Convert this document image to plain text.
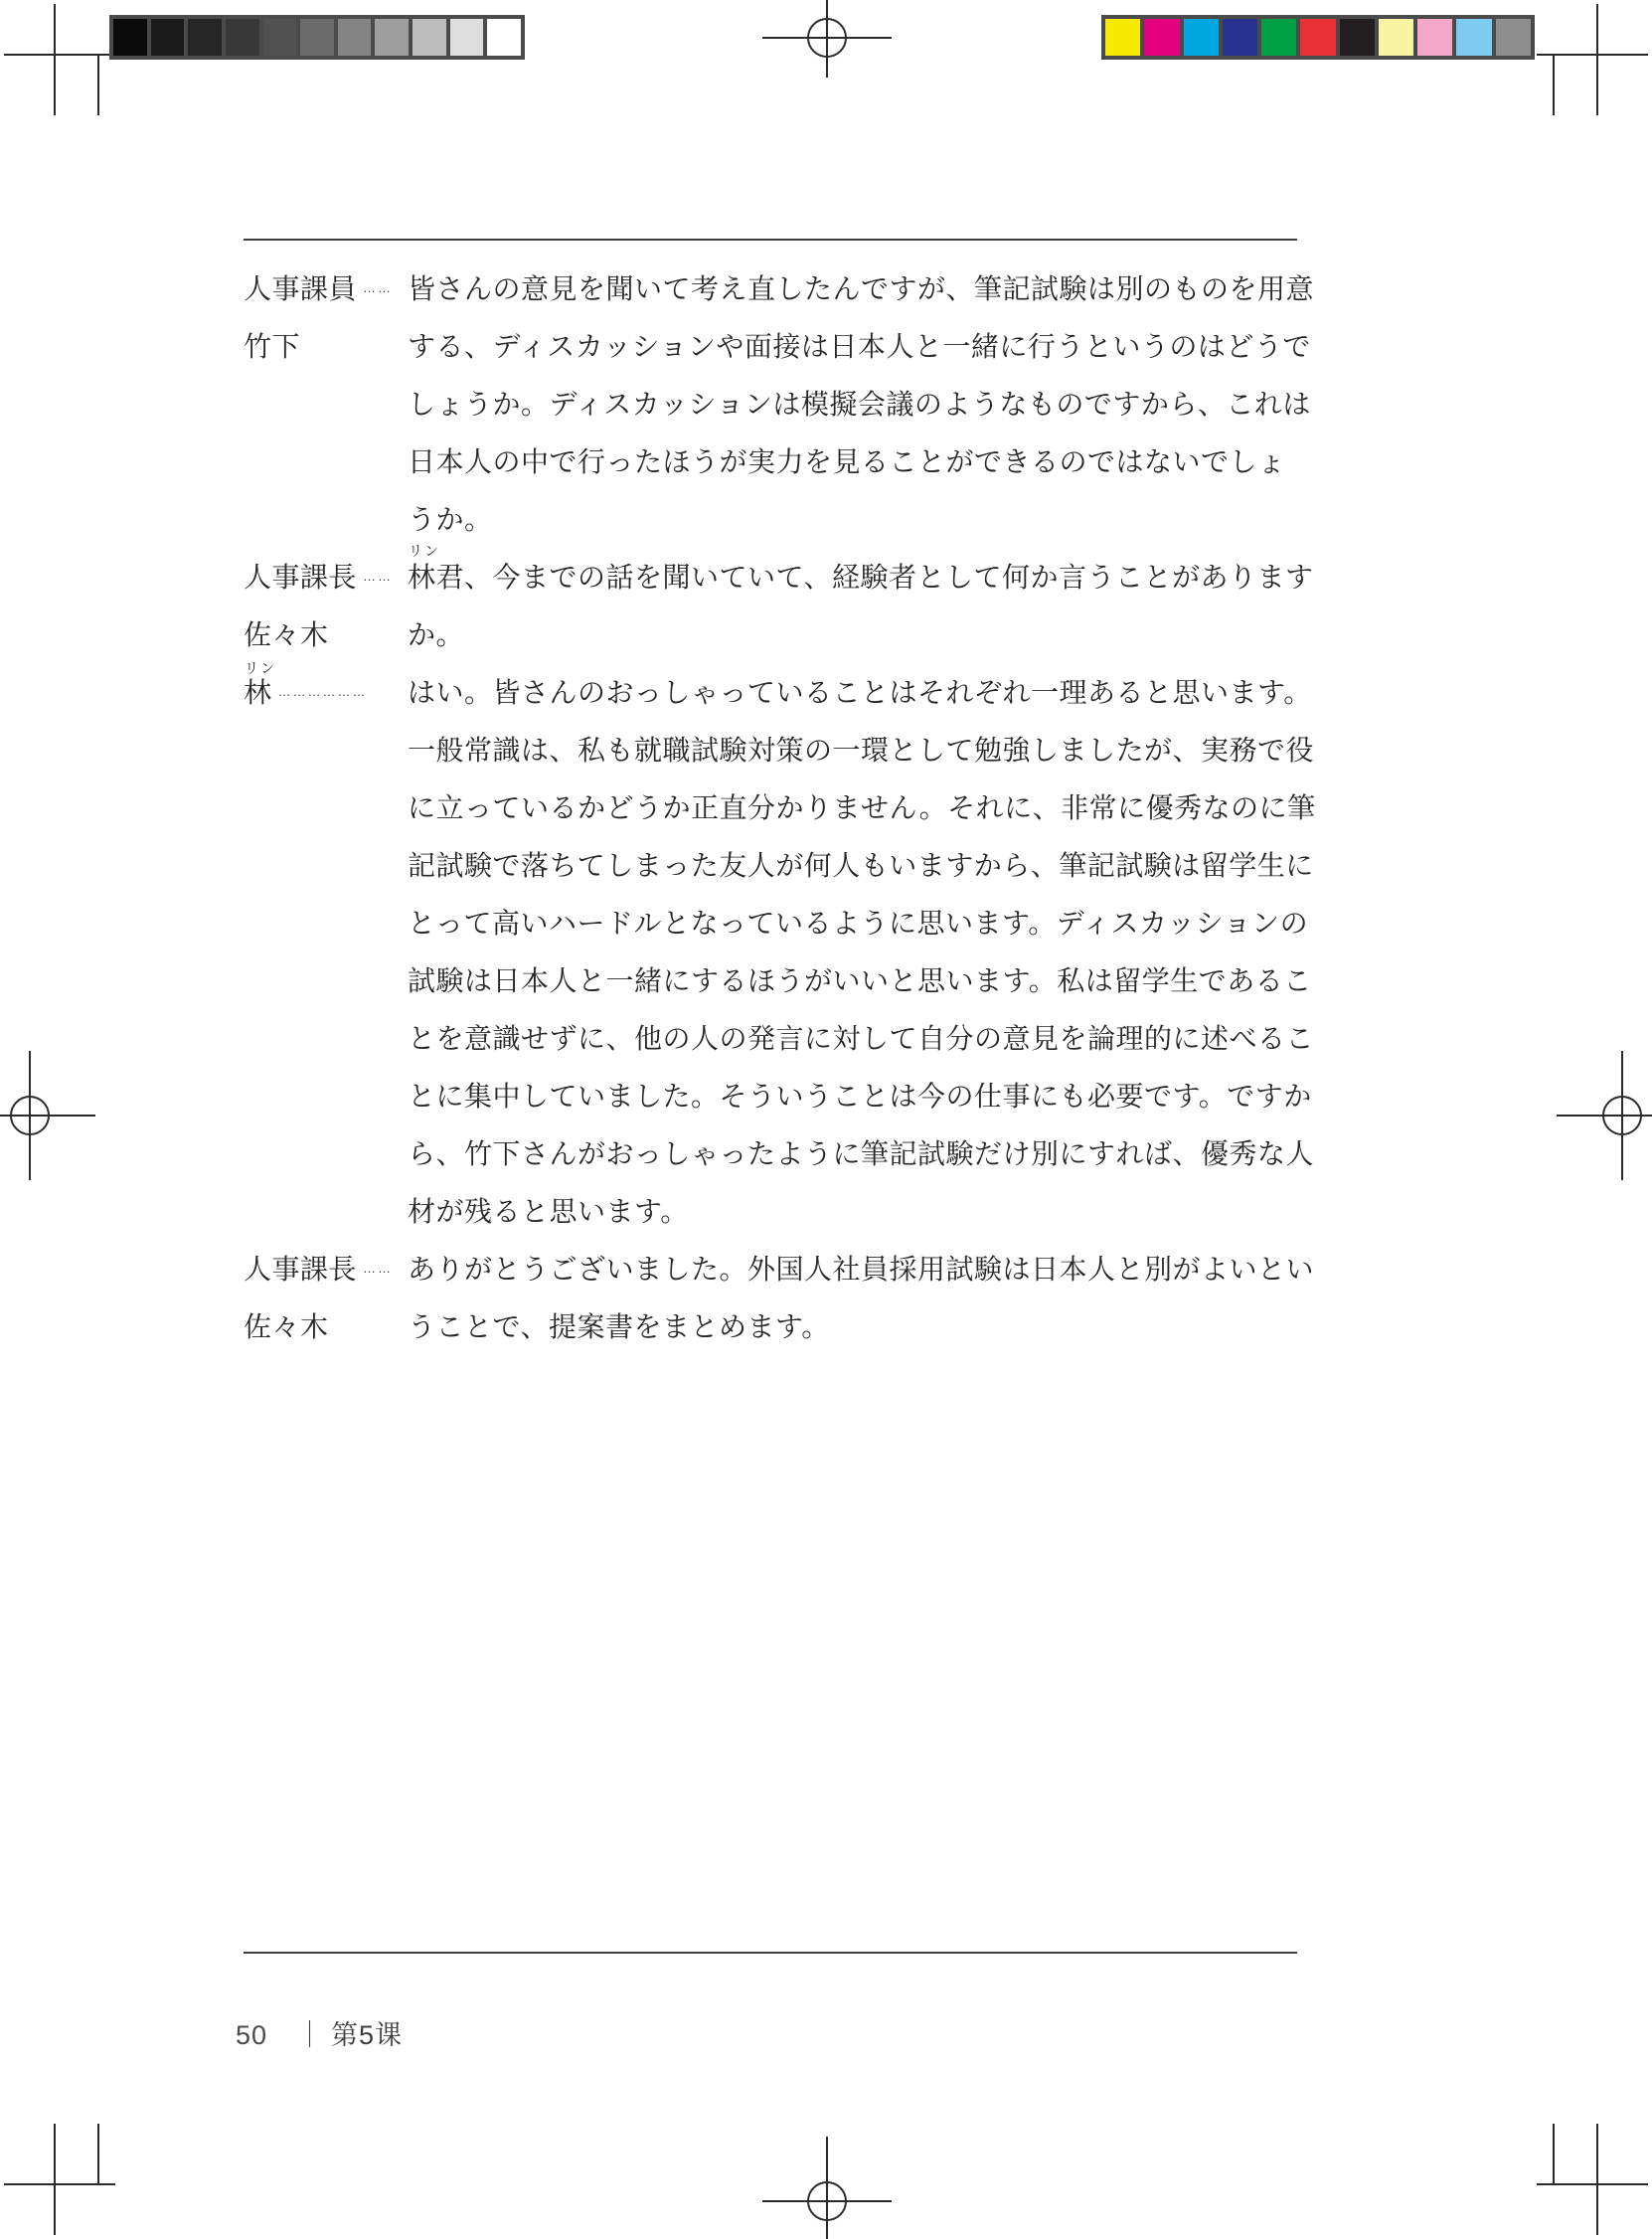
人事課員 ……
竹下
皆さんの意見を聞いて考え直したんですが、筆記試験は別のものを用意
する、ディスカッションや面接は日本人と一緒に行うというのはどうで
しょうか。ディスカッションは模擬会議のようなものですから、これは
日本人の中で行ったほうが実力を見ることができるのではないでしょ
うか。
人事課長 ……
佐々木
リン
林君、今までの話を聞いていて、経験者として何か言うことがあります
か。
リン
林 ………………	はい。皆さんのおっしゃっていることはそれぞれ一理あると思います。
一般常識は、私も就職試験対策の一環として勉強しましたが、実務で役
に立っているかどうか正直分かりません。それに、非常に優秀なのに筆
記試験で落ちてしまった友人が何人もいますから、筆記試験は留学生に
とって高いハードルとなっているように思います。ディスカッションの
試験は日本人と一緒にするほうがいいと思います。私は留学生であるこ
とを意識せずに、他の人の発言に対して自分の意見を論理的に述べるこ
とに集中していました。そういうことは今の仕事にも必要です。ですか
ら、竹下さんがおっしゃったように筆記試験だけ別にすれば、優秀な人
材が残ると思います。
人事課長 ……
佐々木
ありがとうございました。外国人社員採用試験は日本人と別がよいとい
うことで、提案書をまとめます。
50 ｜ 第5课
